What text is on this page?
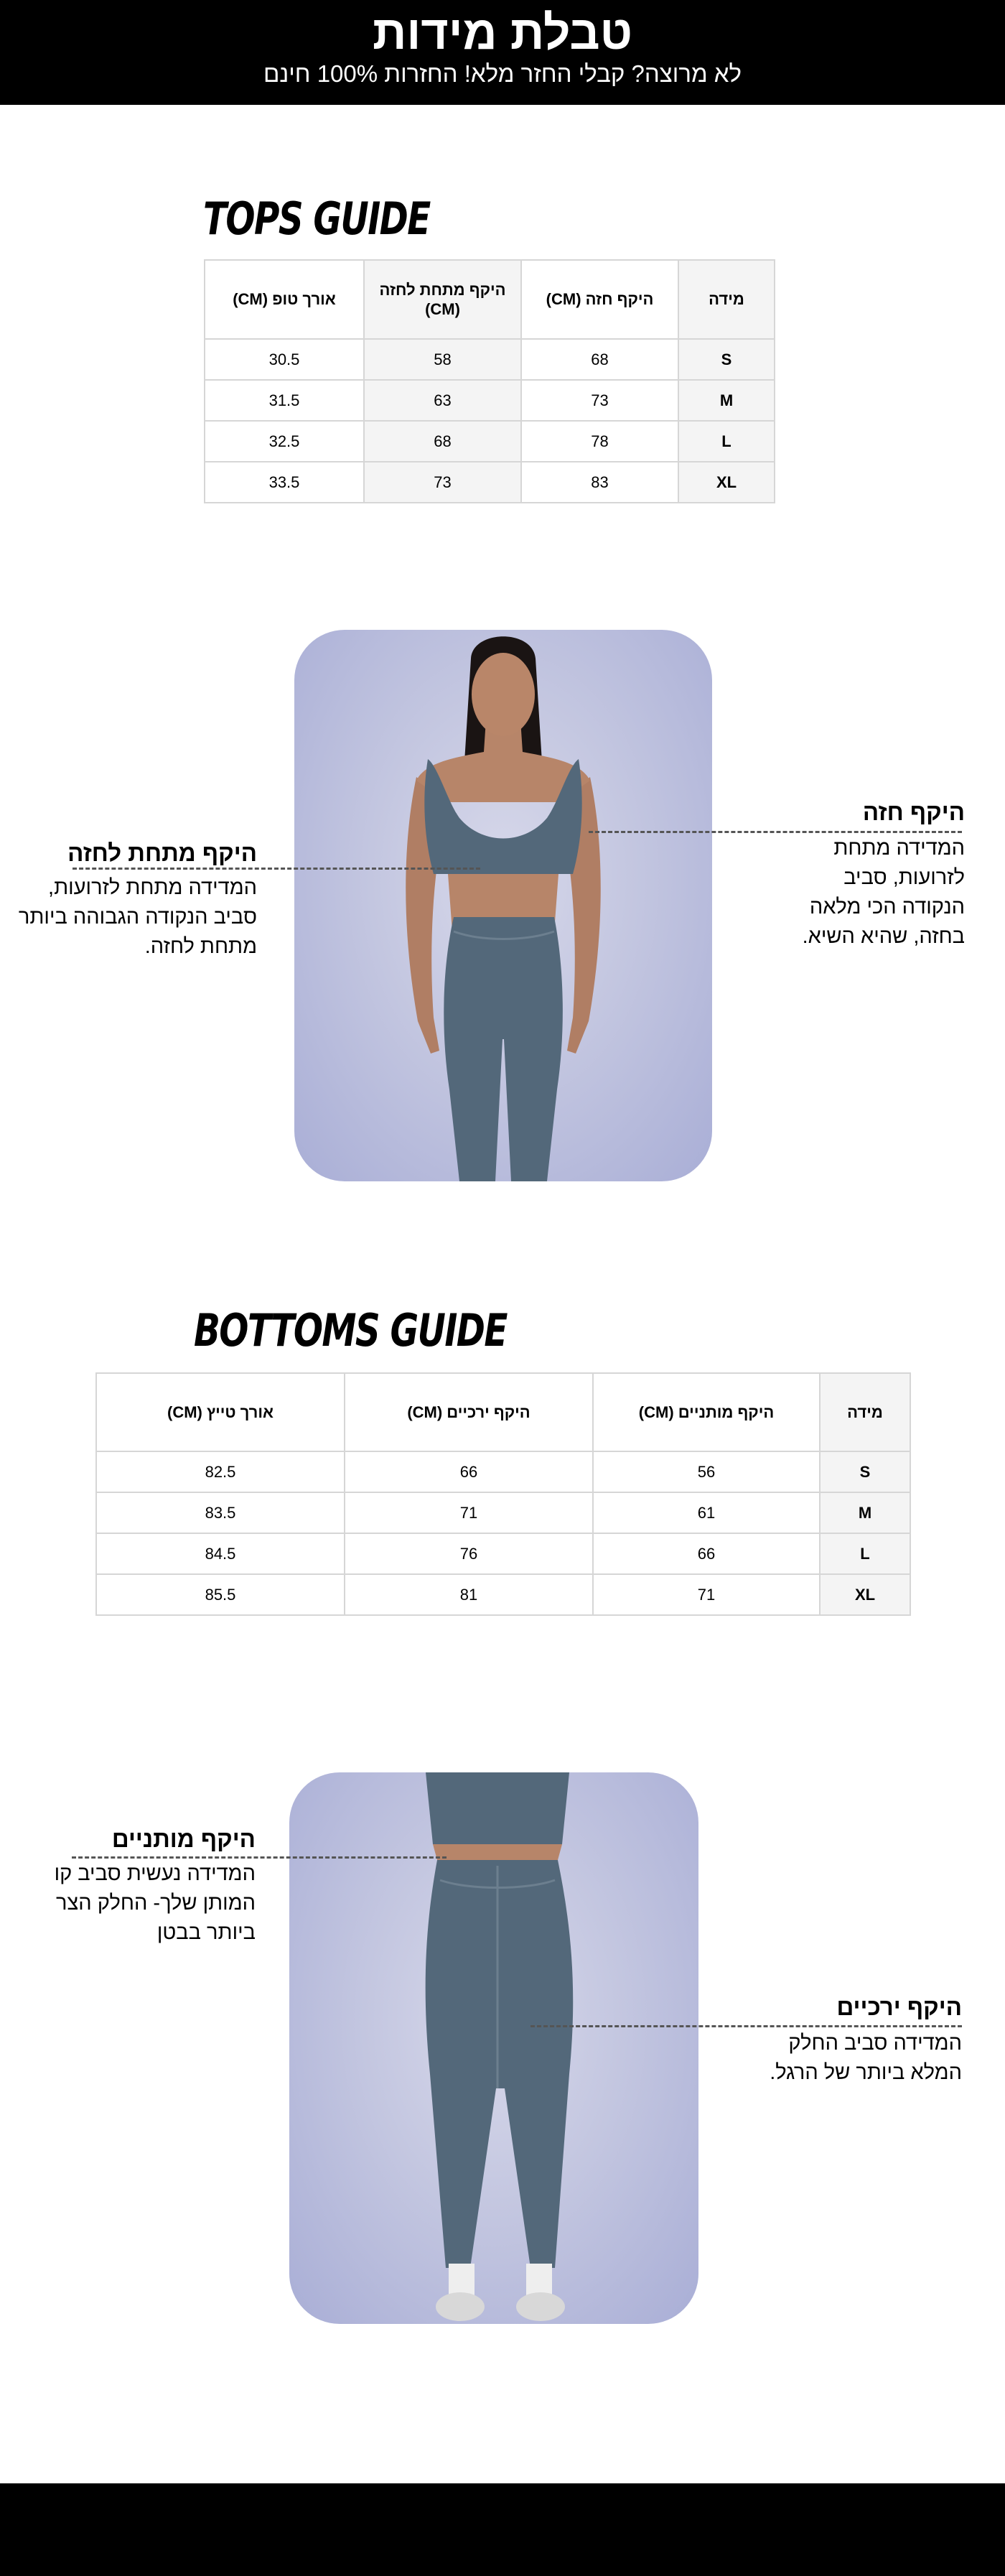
טבלת מידות
לא מרוצה? קבלי החזר מלא! החזרות 100% חינם
TOPS GUIDE
מידה	היקף חזה (CM)	היקף מתחת לחזה (CM)	אורך טופ (CM)
S	68	58	30.5
M	73	63	31.5
L	78	68	32.5
XL	83	73	33.5
היקף מתחת לחזה
המדידה מתחת לזרועות, סביב הנקודה הגבוהה ביותר מתחת לחזה.
היקף חזה
המדידה מתחת לזרועות, סביב הנקודה הכי מלאה בחזה, שהיא השיא.
BOTTOMS GUIDE
מידה	היקף מותניים (CM)	היקף ירכיים (CM)	אורך טייץ (CM)
S	56	66	82.5
M	61	71	83.5
L	66	76	84.5
XL	71	81	85.5
היקף מותניים
המדידה נעשית סביב קו המותן שלך- החלק הצר ביותר בבטן
היקף ירכיים
המדידה סביב החלק המלא ביותר של הרגל.
